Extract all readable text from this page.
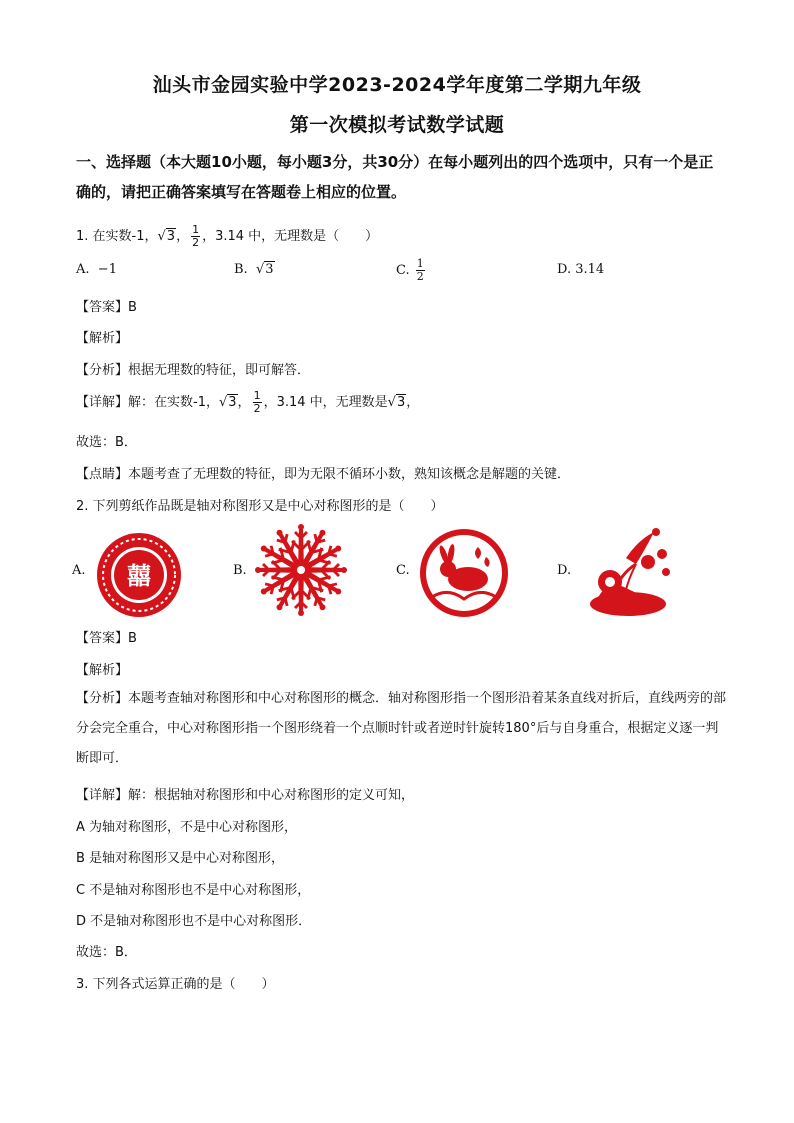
汕头市金园实验中学2023-2024学年度第二学期九年级
第一次模拟考试数学试题
一、选择题（本大题10小题，每小题3分，共30分）在每小题列出的四个选项中，只有一个是正确的，请把正确答案填写在答题卷上相应的位置。
1. 在实数-1，√3， $\frac{1}{2}$ ，3.14 中，无理数是（　　）
A. −1	B. √3	C. $\frac{1}{2}$	D. 3.14
【答案】B
【解析】
【分析】根据无理数的特征，即可解答．
【详解】解：在实数-1，√3， $\frac{1}{2}$ ，3.14 中，无理数是√3，
故选：B．
【点睛】本题考查了无理数的特征，即为无限不循环小数，熟知该概念是解题的关键．
2. 下列剪纸作品既是轴对称图形又是中心对称图形的是（　　）
A. 囍	B.	C.	D.
【答案】B
【解析】
【分析】本题考查轴对称图形和中心对称图形的概念．轴对称图形指一个图形沿着某条直线对折后，直线两旁的部分会完全重合，中心对称图形指一个图形绕着一个点顺时针或者逆时针旋转180°后与自身重合，根据定义逐一判断即可．
【详解】解：根据轴对称图形和中心对称图形的定义可知，
A 为轴对称图形，不是中心对称图形，
B 是轴对称图形又是中心对称图形，
C 不是轴对称图形也不是中心对称图形，
D 不是轴对称图形也不是中心对称图形．
故选：B．
3. 下列各式运算正确的是（　　）
